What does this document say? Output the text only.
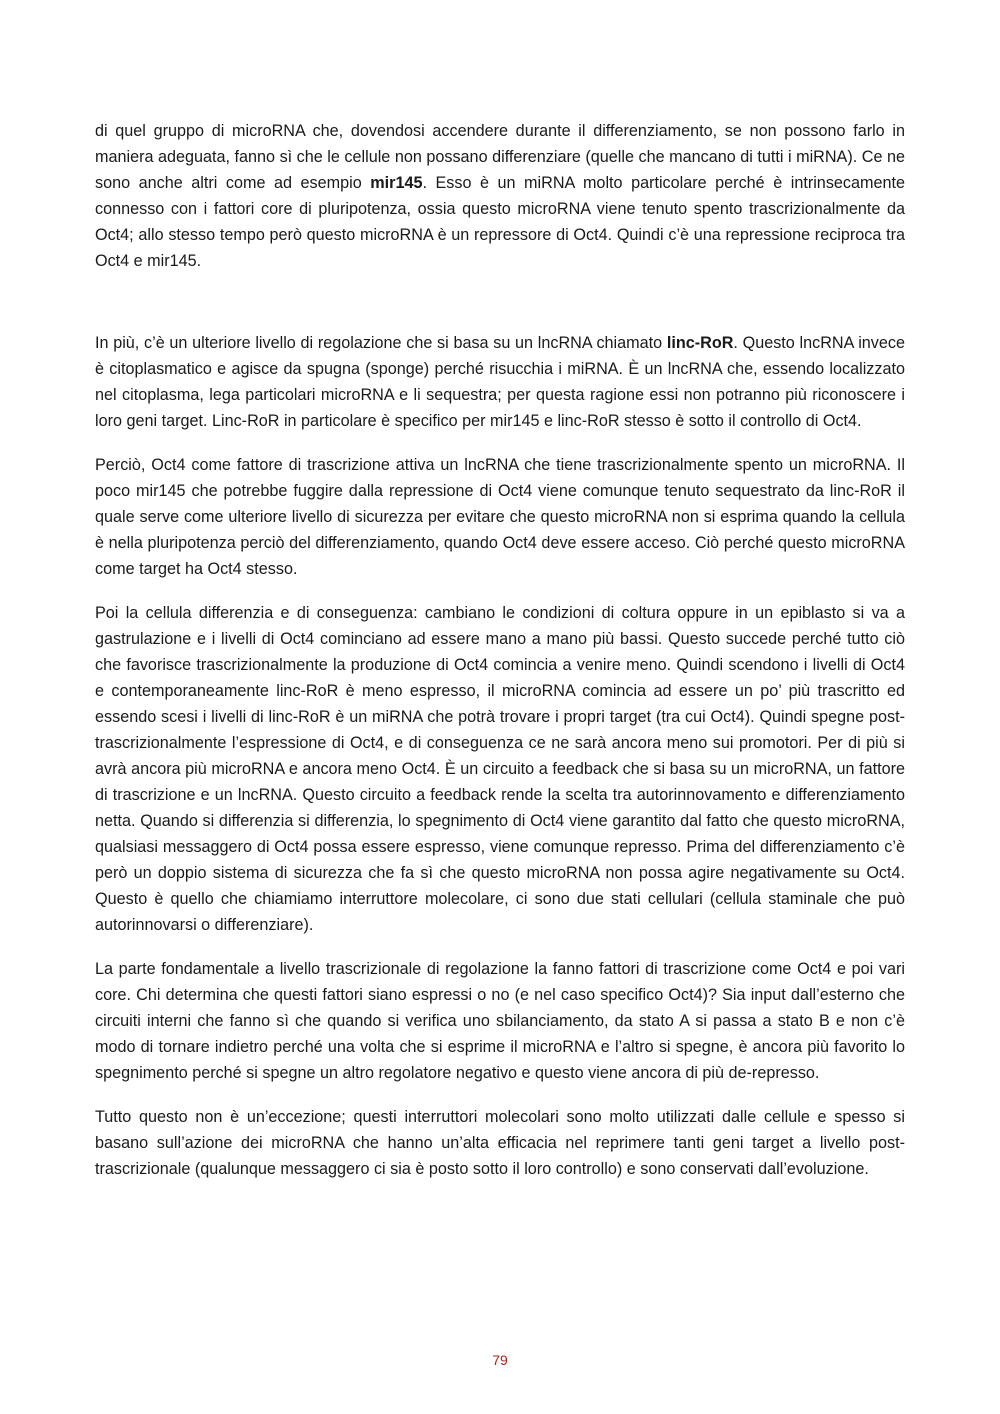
di quel gruppo di microRNA che, dovendosi accendere durante il differenziamento, se non possono farlo in maniera adeguata, fanno sì che le cellule non possano differenziare (quelle che mancano di tutti i miRNA). Ce ne sono anche altri come ad esempio mir145. Esso è un miRNA molto particolare perché è intrinsecamente connesso con i fattori core di pluripotenza, ossia questo microRNA viene tenuto spento trascrizionalmente da Oct4; allo stesso tempo però questo microRNA è un repressore di Oct4. Quindi c’è una repressione reciproca tra Oct4 e mir145.

In più, c’è un ulteriore livello di regolazione che si basa su un lncRNA chiamato linc-RoR. Questo lncRNA invece è citoplasmatico e agisce da spugna (sponge) perché risucchia i miRNA. È un lncRNA che, essendo localizzato nel citoplasma, lega particolari microRNA e li sequestra; per questa ragione essi non potranno più riconoscere i loro geni target. Linc-RoR in particolare è specifico per mir145 e linc-RoR stesso è sotto il controllo di Oct4.

Perciò, Oct4 come fattore di trascrizione attiva un lncRNA che tiene trascrizionalmente spento un microRNA. Il poco mir145 che potrebbe fuggire dalla repressione di Oct4 viene comunque tenuto sequestrato da linc-RoR il quale serve come ulteriore livello di sicurezza per evitare che questo microRNA non si esprima quando la cellula è nella pluripotenza perciò del differenziamento, quando Oct4 deve essere acceso. Ciò perché questo microRNA come target ha Oct4 stesso.

Poi la cellula differenzia e di conseguenza: cambiano le condizioni di coltura oppure in un epiblasto si va a gastrulazione e i livelli di Oct4 cominciano ad essere mano a mano più bassi. Questo succede perché tutto ciò che favorisce trascrizionalmente la produzione di Oct4 comincia a venire meno. Quindi scendono i livelli di Oct4 e contemporaneamente linc-RoR è meno espresso, il microRNA comincia ad essere un po’ più trascritto ed essendo scesi i livelli di linc-RoR è un miRNA che potrà trovare i propri target (tra cui Oct4). Quindi spegne post-trascrizionalmente l’espressione di Oct4, e di conseguenza ce ne sarà ancora meno sui promotori. Per di più si avrà ancora più microRNA e ancora meno Oct4. È un circuito a feedback che si basa su un microRNA, un fattore di trascrizione e un lncRNA. Questo circuito a feedback rende la scelta tra autorinnovamento e differenziamento netta. Quando si differenzia si differenzia, lo spegnimento di Oct4 viene garantito dal fatto che questo microRNA, qualsiasi messaggero di Oct4 possa essere espresso, viene comunque represso. Prima del differenziamento c’è però un doppio sistema di sicurezza che fa sì che questo microRNA non possa agire negativamente su Oct4. Questo è quello che chiamiamo interruttore molecolare, ci sono due stati cellulari (cellula staminale che può autorinnovarsi o differenziare).

La parte fondamentale a livello trascrizionale di regolazione la fanno fattori di trascrizione come Oct4 e poi vari core. Chi determina che questi fattori siano espressi o no (e nel caso specifico Oct4)? Sia input dall’esterno che circuiti interni che fanno sì che quando si verifica uno sbilanciamento, da stato A si passa a stato B e non c’è modo di tornare indietro perché una volta che si esprime il microRNA e l’altro si spegne, è ancora più favorito lo spegnimento perché si spegne un altro regolatore negativo e questo viene ancora di più de-represso.

Tutto questo non è un’eccezione; questi interruttori molecolari sono molto utilizzati dalle cellule e spesso si basano sull’azione dei microRNA che hanno un’alta efficacia nel reprimere tanti geni target a livello post-trascrizionale (qualunque messaggero ci sia è posto sotto il loro controllo) e sono conservati dall’evoluzione.

79
